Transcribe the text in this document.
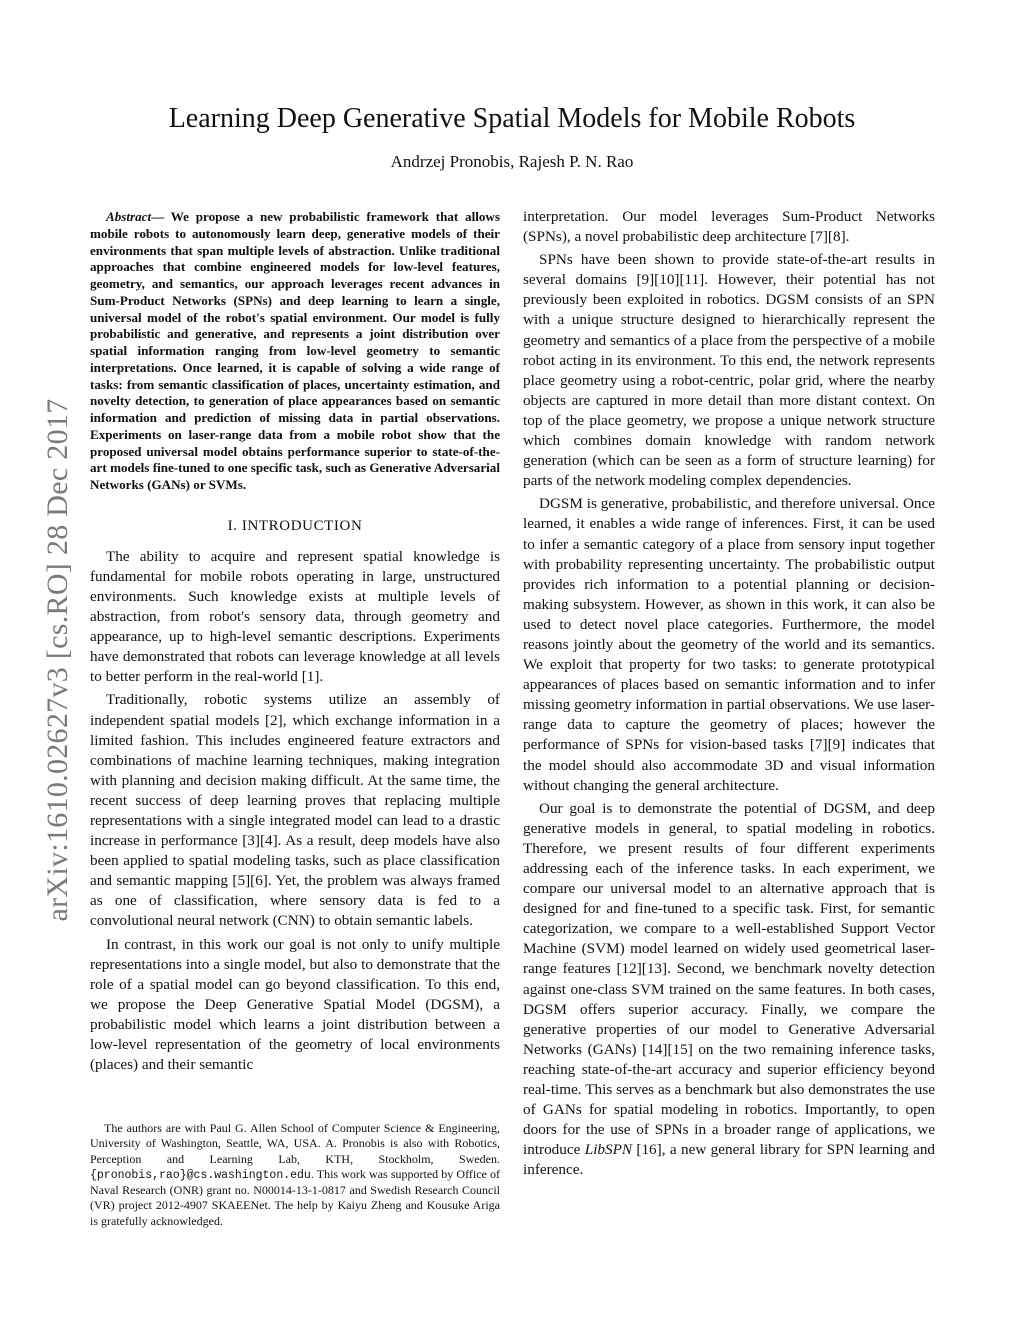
arXiv:1610.02627v3 [cs.RO] 28 Dec 2017
Learning Deep Generative Spatial Models for Mobile Robots
Andrzej Pronobis, Rajesh P. N. Rao

Abstract— We propose a new probabilistic framework that allows mobile robots to autonomously learn deep, generative models of their environments that span multiple levels of abstraction. Unlike traditional approaches that combine engineered models for low-level features, geometry, and semantics, our approach leverages recent advances in Sum-Product Networks (SPNs) and deep learning to learn a single, universal model of the robot's spatial environment. Our model is fully probabilistic and generative, and represents a joint distribution over spatial information ranging from low-level geometry to semantic interpretations. Once learned, it is capable of solving a wide range of tasks: from semantic classification of places, uncertainty estimation, and novelty detection, to generation of place appearances based on semantic information and prediction of missing data in partial observations. Experiments on laser-range data from a mobile robot show that the proposed universal model obtains performance superior to state-of-the-art models fine-tuned to one specific task, such as Generative Adversarial Networks (GANs) or SVMs.

I. INTRODUCTION

The ability to acquire and represent spatial knowledge is fundamental for mobile robots operating in large, unstructured environments. Such knowledge exists at multiple levels of abstraction, from robot's sensory data, through geometry and appearance, up to high-level semantic descriptions. Experiments have demonstrated that robots can leverage knowledge at all levels to better perform in the real-world [1].

Traditionally, robotic systems utilize an assembly of independent spatial models [2], which exchange information in a limited fashion. This includes engineered feature extractors and combinations of machine learning techniques, making integration with planning and decision making difficult. At the same time, the recent success of deep learning proves that replacing multiple representations with a single integrated model can lead to a drastic increase in performance [3][4]. As a result, deep models have also been applied to spatial modeling tasks, such as place classification and semantic mapping [5][6]. Yet, the problem was always framed as one of classification, where sensory data is fed to a convolutional neural network (CNN) to obtain semantic labels.

In contrast, in this work our goal is not only to unify multiple representations into a single model, but also to demonstrate that the role of a spatial model can go beyond classification. To this end, we propose the Deep Generative Spatial Model (DGSM), a probabilistic model which learns a joint distribution between a low-level representation of the geometry of local environments (places) and their semantic

The authors are with Paul G. Allen School of Computer Science & Engineering, University of Washington, Seattle, WA, USA. A. Pronobis is also with Robotics, Perception and Learning Lab, KTH, Stockholm, Sweden. {pronobis,rao}@cs.washington.edu. This work was supported by Office of Naval Research (ONR) grant no. N00014-13-1-0817 and Swedish Research Council (VR) project 2012-4907 SKAEENet. The help by Kaiyu Zheng and Kousuke Ariga is gratefully acknowledged.

interpretation. Our model leverages Sum-Product Networks (SPNs), a novel probabilistic deep architecture [7][8].

SPNs have been shown to provide state-of-the-art results in several domains [9][10][11]. However, their potential has not previously been exploited in robotics. DGSM consists of an SPN with a unique structure designed to hierarchically represent the geometry and semantics of a place from the perspective of a mobile robot acting in its environment. To this end, the network represents place geometry using a robot-centric, polar grid, where the nearby objects are captured in more detail than more distant context. On top of the place geometry, we propose a unique network structure which combines domain knowledge with random network generation (which can be seen as a form of structure learning) for parts of the network modeling complex dependencies.

DGSM is generative, probabilistic, and therefore universal. Once learned, it enables a wide range of inferences. First, it can be used to infer a semantic category of a place from sensory input together with probability representing uncertainty. The probabilistic output provides rich information to a potential planning or decision-making subsystem. However, as shown in this work, it can also be used to detect novel place categories. Furthermore, the model reasons jointly about the geometry of the world and its semantics. We exploit that property for two tasks: to generate prototypical appearances of places based on semantic information and to infer missing geometry information in partial observations. We use laser-range data to capture the geometry of places; however the performance of SPNs for vision-based tasks [7][9] indicates that the model should also accommodate 3D and visual information without changing the general architecture.

Our goal is to demonstrate the potential of DGSM, and deep generative models in general, to spatial modeling in robotics. Therefore, we present results of four different experiments addressing each of the inference tasks. In each experiment, we compare our universal model to an alternative approach that is designed for and fine-tuned to a specific task. First, for semantic categorization, we compare to a well-established Support Vector Machine (SVM) model learned on widely used geometrical laser-range features [12][13]. Second, we benchmark novelty detection against one-class SVM trained on the same features. In both cases, DGSM offers superior accuracy. Finally, we compare the generative properties of our model to Generative Adversarial Networks (GANs) [14][15] on the two remaining inference tasks, reaching state-of-the-art accuracy and superior efficiency beyond real-time. This serves as a benchmark but also demonstrates the use of GANs for spatial modeling in robotics. Importantly, to open doors for the use of SPNs in a broader range of applications, we introduce LibSPN [16], a new general library for SPN learning and inference.
